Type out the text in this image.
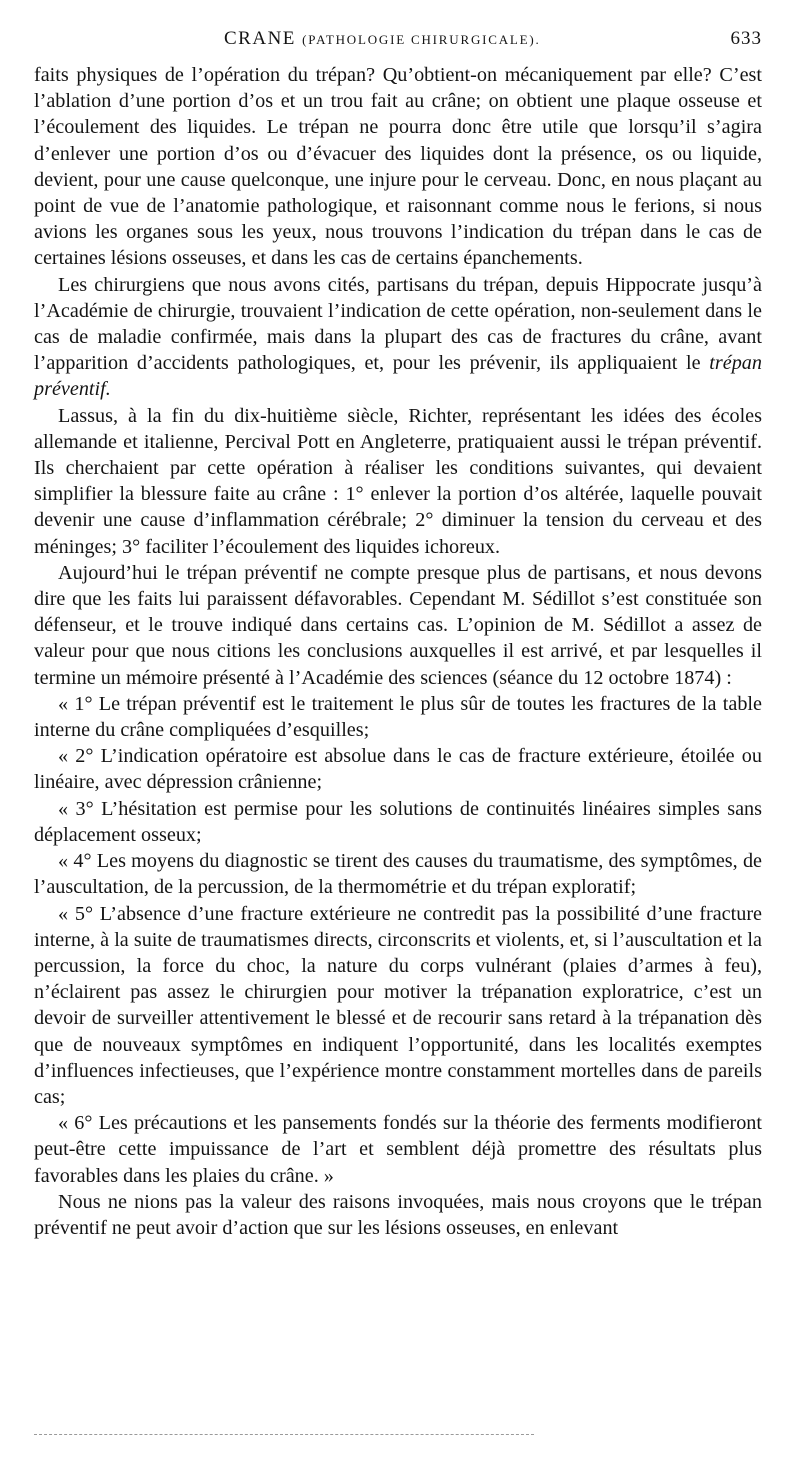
CRANE (PATHOLOGIE CHIRURGICALE).	633

faits physiques de l’opération du trépan? Qu’obtient-on mécaniquement par elle? C’est l’ablation d’une portion d’os et un trou fait au crâne; on obtient une plaque osseuse et l’écoulement des liquides. Le trépan ne pourra donc être utile que lorsqu’il s’agira d’enlever une portion d’os ou d’évacuer des liquides dont la présence, os ou liquide, devient, pour une cause quelconque, une injure pour le cerveau. Donc, en nous plaçant au point de vue de l’anatomie pathologique, et raisonnant comme nous le ferions, si nous avions les organes sous les yeux, nous trouvons l’indication du trépan dans le cas de certaines lésions osseuses, et dans les cas de certains épanchements.

Les chirurgiens que nous avons cités, partisans du trépan, depuis Hippocrate jusqu’à l’Académie de chirurgie, trouvaient l’indication de cette opération, non-seulement dans le cas de maladie confirmée, mais dans la plupart des cas de fractures du crâne, avant l’apparition d’accidents pathologiques, et, pour les prévenir, ils appliquaient le trépan préventif.

Lassus, à la fin du dix-huitième siècle, Richter, représentant les idées des écoles allemande et italienne, Percival Pott en Angleterre, pratiquaient aussi le trépan préventif. Ils cherchaient par cette opération à réaliser les conditions suivantes, qui devaient simplifier la blessure faite au crâne : 1° enlever la portion d’os altérée, laquelle pouvait devenir une cause d’inflammation cérébrale; 2° diminuer la tension du cerveau et des méninges; 3° faciliter l’écoulement des liquides ichoreux.

Aujourd’hui le trépan préventif ne compte presque plus de partisans, et nous devons dire que les faits lui paraissent défavorables. Cependant M. Sédillot s’est constituée son défenseur, et le trouve indiqué dans certains cas. L’opinion de M. Sédillot a assez de valeur pour que nous citions les conclusions auxquelles il est arrivé, et par lesquelles il termine un mémoire présenté à l’Académie des sciences (séance du 12 octobre 1874) :

« 1° Le trépan préventif est le traitement le plus sûr de toutes les fractures de la table interne du crâne compliquées d’esquilles;

« 2° L’indication opératoire est absolue dans le cas de fracture extérieure, étoilée ou linéaire, avec dépression crânienne;

« 3° L’hésitation est permise pour les solutions de continuités linéaires simples sans déplacement osseux;

« 4° Les moyens du diagnostic se tirent des causes du traumatisme, des symptômes, de l’auscultation, de la percussion, de la thermométrie et du trépan exploratif;

« 5° L’absence d’une fracture extérieure ne contredit pas la possibilité d’une fracture interne, à la suite de traumatismes directs, circonscrits et violents, et, si l’auscultation et la percussion, la force du choc, la nature du corps vulnérant (plaies d’armes à feu), n’éclairent pas assez le chirurgien pour motiver la trépanation exploratrice, c’est un devoir de surveiller attentivement le blessé et de recourir sans retard à la trépanation dès que de nouveaux symptômes en indiquent l’opportunité, dans les localités exemptes d’influences infectieuses, que l’expérience montre constamment mortelles dans de pareils cas;

« 6° Les précautions et les pansements fondés sur la théorie des ferments modifieront peut-être cette impuissance de l’art et semblent déjà promettre des résultats plus favorables dans les plaies du crâne. »

Nous ne nions pas la valeur des raisons invoquées, mais nous croyons que le trépan préventif ne peut avoir d’action que sur les lésions osseuses, en enlevant
